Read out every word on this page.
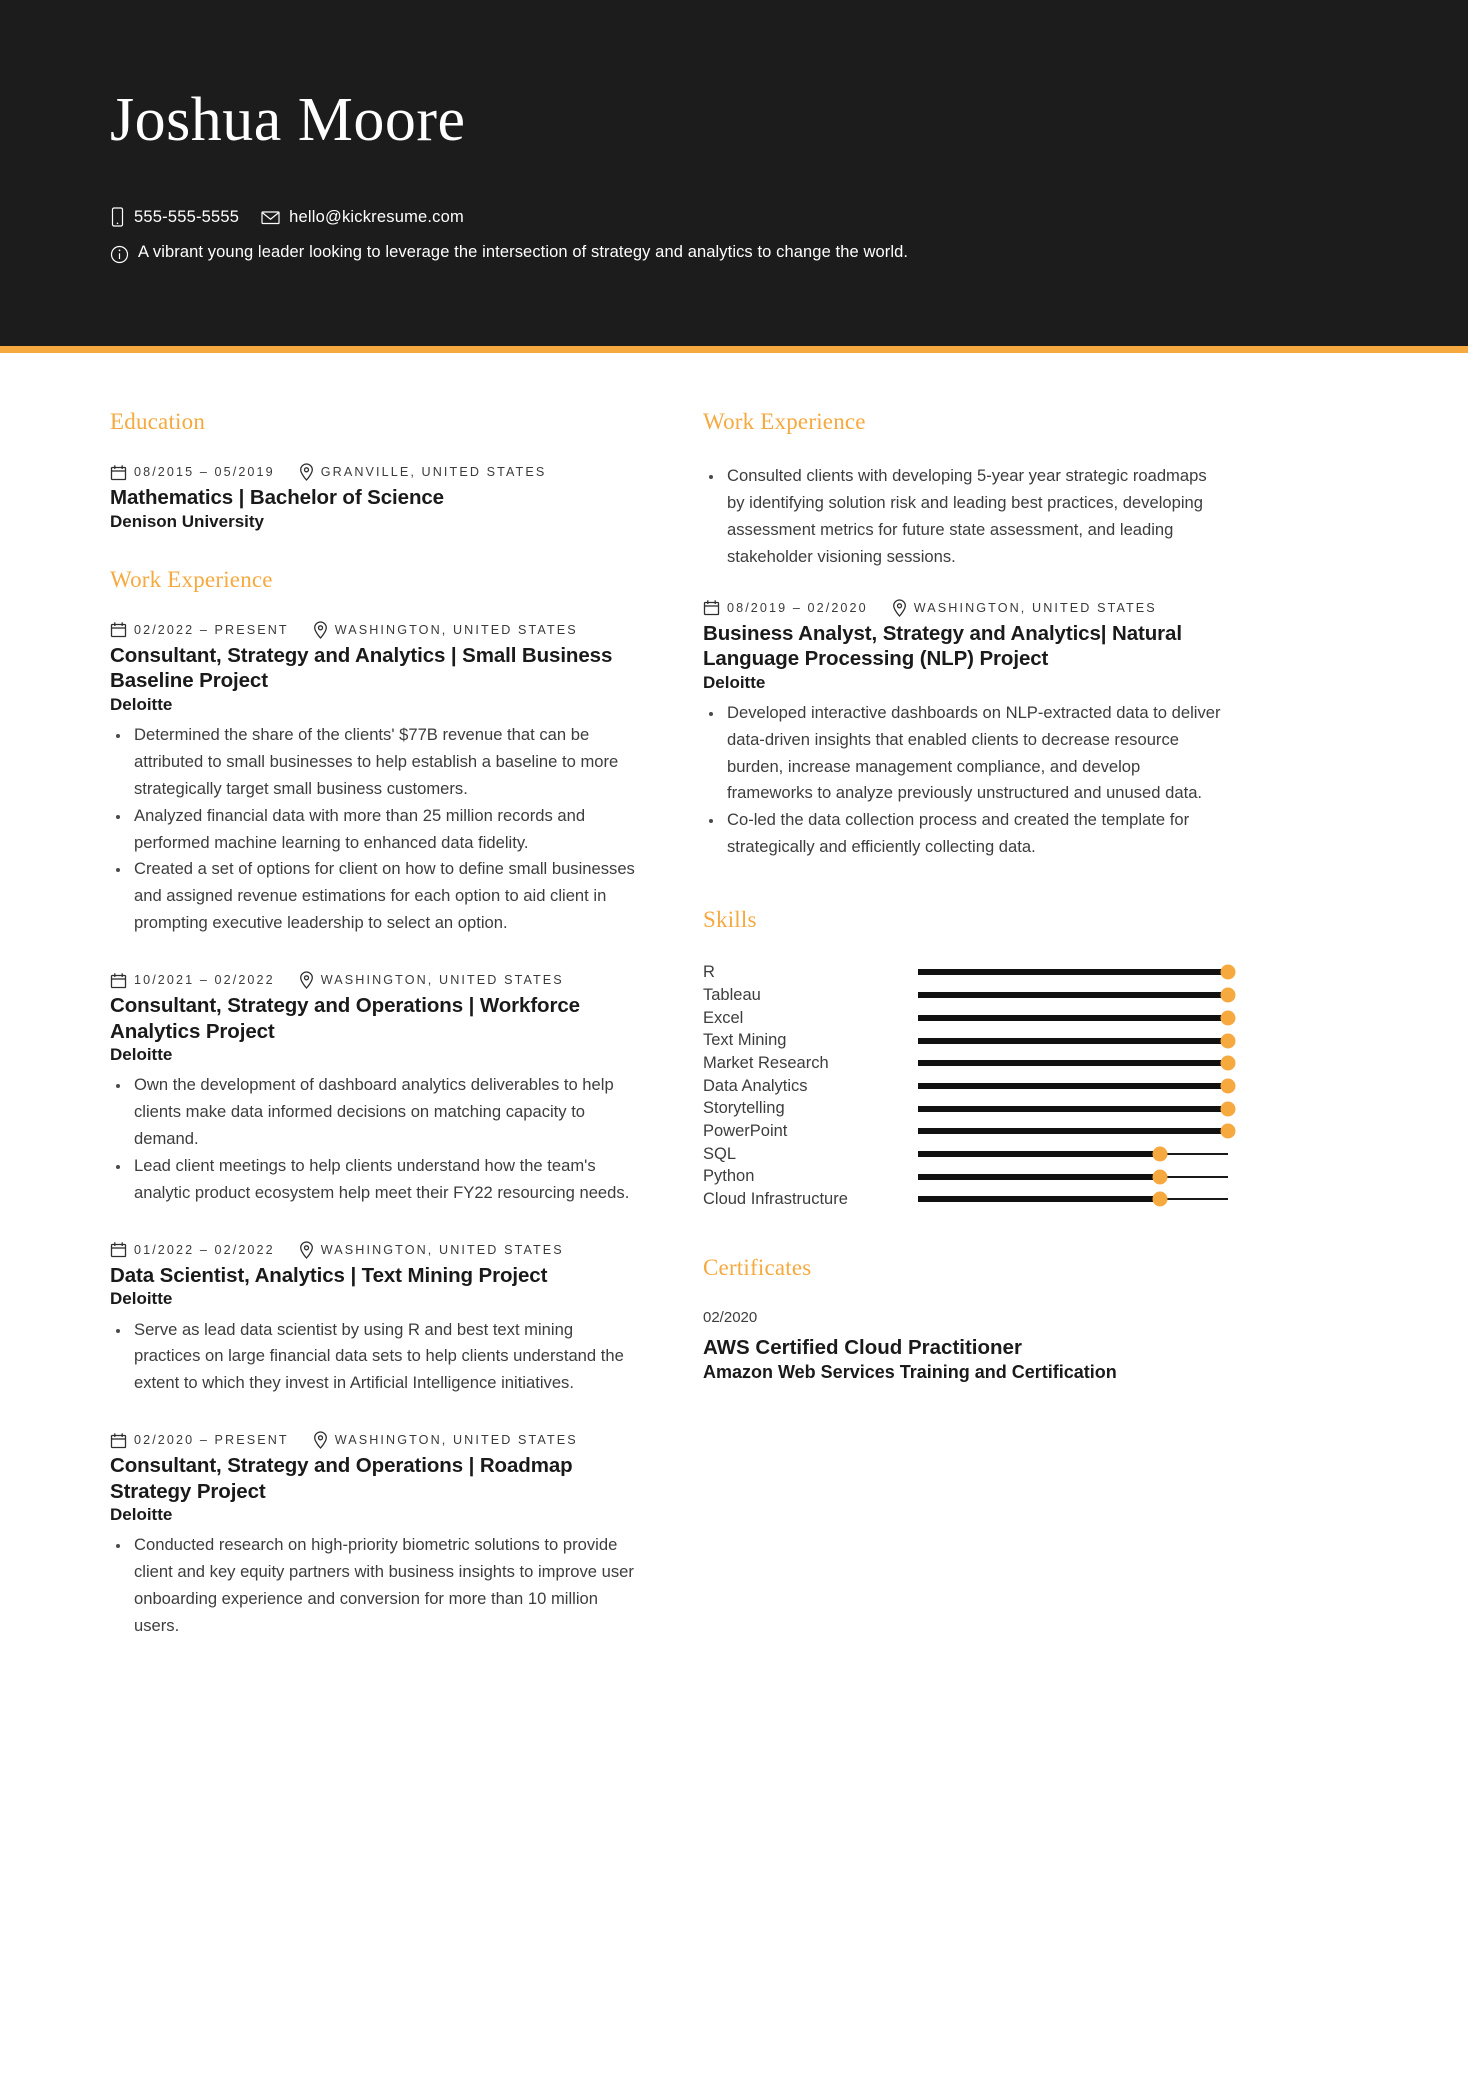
Joshua Moore
555-555-5555	hello@kickresume.com
A vibrant young leader looking to leverage the intersection of strategy and analytics to change the world.
Education
08/2015 – 05/2019	GRANVILLE, UNITED STATES
Mathematics | Bachelor of Science
Denison University
Work Experience
02/2022 – PRESENT	WASHINGTON, UNITED STATES
Consultant, Strategy and Analytics | Small Business Baseline Project
Deloitte
Determined the share of the clients' $77B revenue that can be attributed to small businesses to help establish a baseline to more strategically target small business customers.
Analyzed financial data with more than 25 million records and performed machine learning to enhanced data fidelity.
Created a set of options for client on how to define small businesses and assigned revenue estimations for each option to aid client in prompting executive leadership to select an option.
10/2021 – 02/2022	WASHINGTON, UNITED STATES
Consultant, Strategy and Operations | Workforce Analytics Project
Deloitte
Own the development of dashboard analytics deliverables to help clients make data informed decisions on matching capacity to demand.
Lead client meetings to help clients understand how the team's analytic product ecosystem help meet their FY22 resourcing needs.
01/2022 – 02/2022	WASHINGTON, UNITED STATES
Data Scientist, Analytics | Text Mining Project
Deloitte
Serve as lead data scientist by using R and best text mining practices on large financial data sets to help clients understand the extent to which they invest in Artificial Intelligence initiatives.
02/2020 – PRESENT	WASHINGTON, UNITED STATES
Consultant, Strategy and Operations | Roadmap Strategy Project
Deloitte
Conducted research on high-priority biometric solutions to provide client and key equity partners with business insights to improve user onboarding experience and conversion for more than 10 million users.
Work Experience
Consulted clients with developing 5-year year strategic roadmaps by identifying solution risk and leading best practices, developing assessment metrics for future state assessment, and leading stakeholder visioning sessions.
08/2019 – 02/2020	WASHINGTON, UNITED STATES
Business Analyst, Strategy and Analytics| Natural Language Processing (NLP) Project
Deloitte
Developed interactive dashboards on NLP-extracted data to deliver data-driven insights that enabled clients to decrease resource burden, increase management compliance, and develop frameworks to analyze previously unstructured and unused data.
Co-led the data collection process and created the template for strategically and efficiently collecting data.
Skills
R
Tableau
Excel
Text Mining
Market Research
Data Analytics
Storytelling
PowerPoint
SQL
Python
Cloud Infrastructure
Certificates
02/2020
AWS Certified Cloud Practitioner
Amazon Web Services Training and Certification
